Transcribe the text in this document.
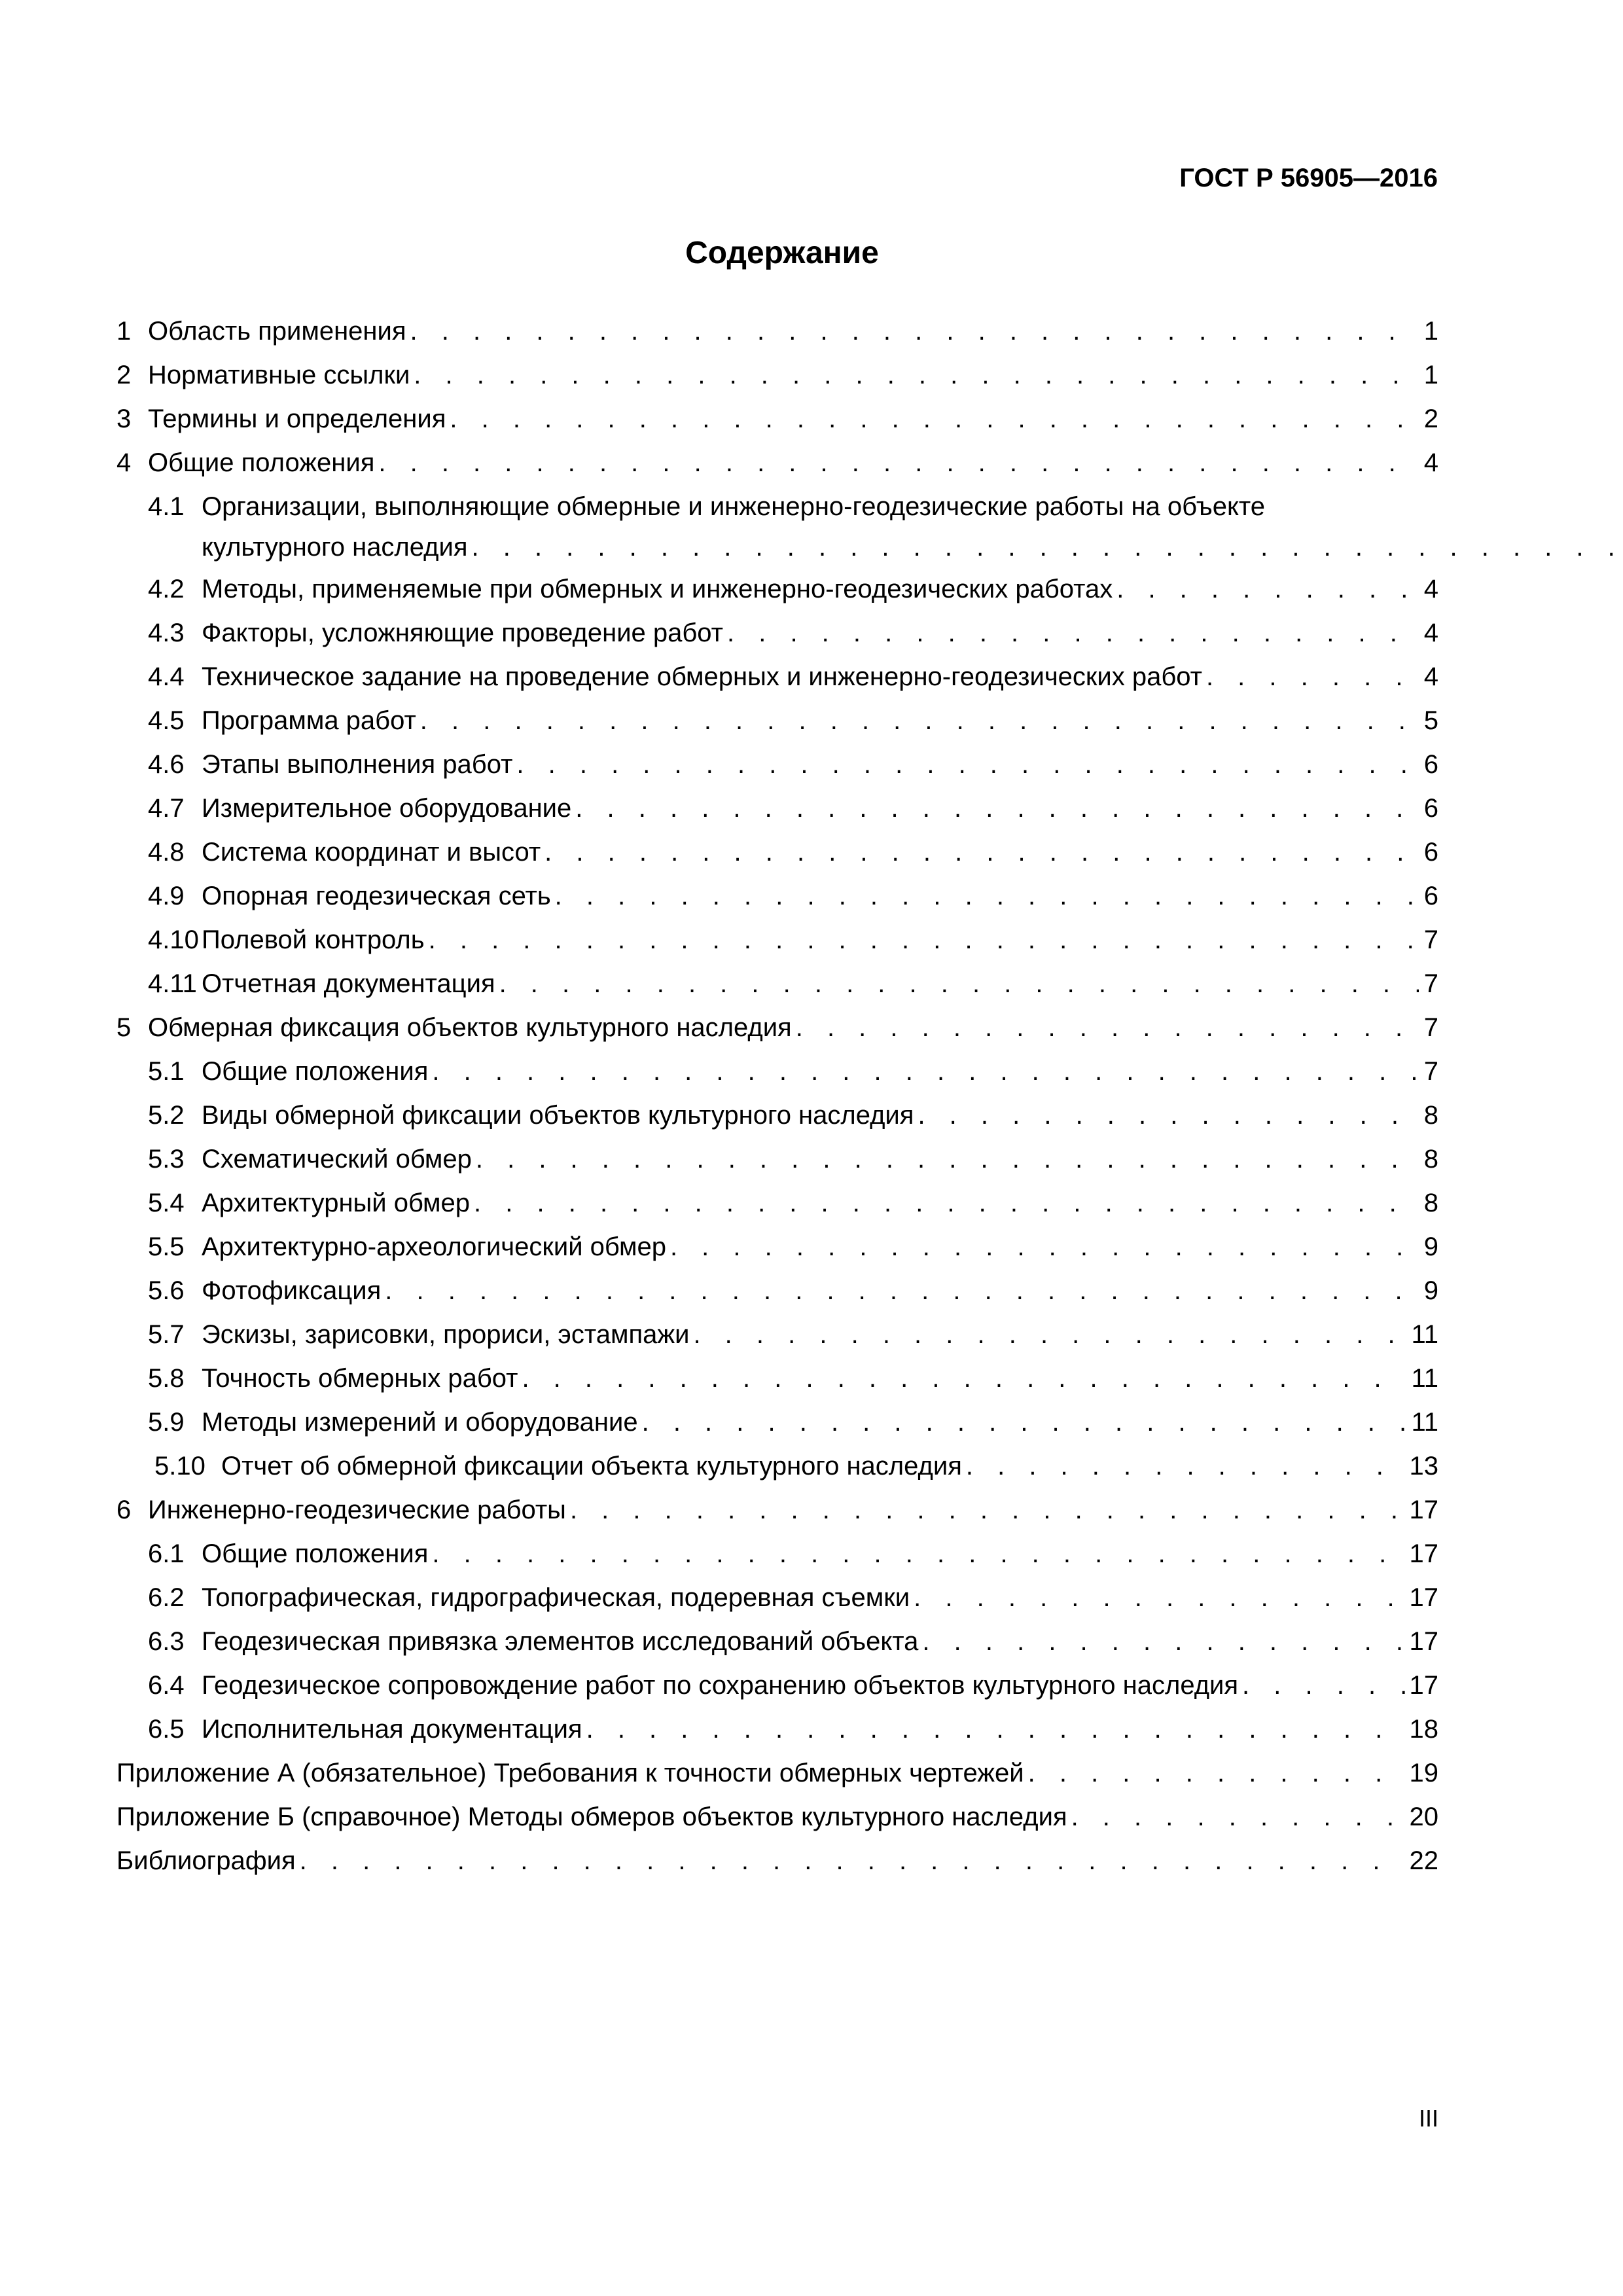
ГОСТ Р 56905—2016
Содержание
1 Область применения . . .	1
2 Нормативные ссылки . . .	1
3 Термины и определения . . .	2
4 Общие положения . . .	4
4.1 Организации, выполняющие обмерные и инженерно-геодезические работы на объекте
культурного наследия
. . .
4.2 Методы, применяемые при обмерных и инженерно-геодезических работах . . .	4
4.3 Факторы, усложняющие проведение работ . . .	4
4.4 Техническое задание на проведение обмерных и инженерно-геодезических работ . . .	4
4.5 Программа работ . . .	5
4.6 Этапы выполнения работ . . .	6
4.7 Измерительное оборудование . . .	6
4.8 Система координат и высот . . .	6
4.9 Опорная геодезическая сеть . . .	6
4.10 Полевой контроль . . .	7
4.11 Отчетная документация . . .	7
5 Обмерная фиксация объектов культурного наследия . . .	7
5.1 Общие положения . . .	7
5.2 Виды обмерной фиксации объектов культурного наследия . . .	8
5.3 Схематический обмер . . .	8
5.4 Архитектурный обмер . . .	8
5.5 Архитектурно-археологический обмер . . .	9
5.6 Фотофиксация . . .	9
5.7 Эскизы, зарисовки, прориси, эстампажи . . .	11
5.8 Точность обмерных работ . . .	11
5.9 Методы измерений и оборудование . . .	11
5.10 Отчет об обмерной фиксации объекта культурного наследия . . .	13
6 Инженерно-геодезические работы . . .	17
6.1 Общие положения . . .	17
6.2 Топографическая, гидрографическая, подеревная съемки . . .	17
6.3 Геодезическая привязка элементов исследований объекта . . .	17
6.4 Геодезическое сопровождение работ по сохранению объектов культурного наследия . . .	17
6.5 Исполнительная документация . . .	18
Приложение А (обязательное) Требования к точности обмерных чертежей . . .	19
Приложение Б (справочное) Методы обмеров объектов культурного наследия . . .	20
Библиография . . .	22
III
